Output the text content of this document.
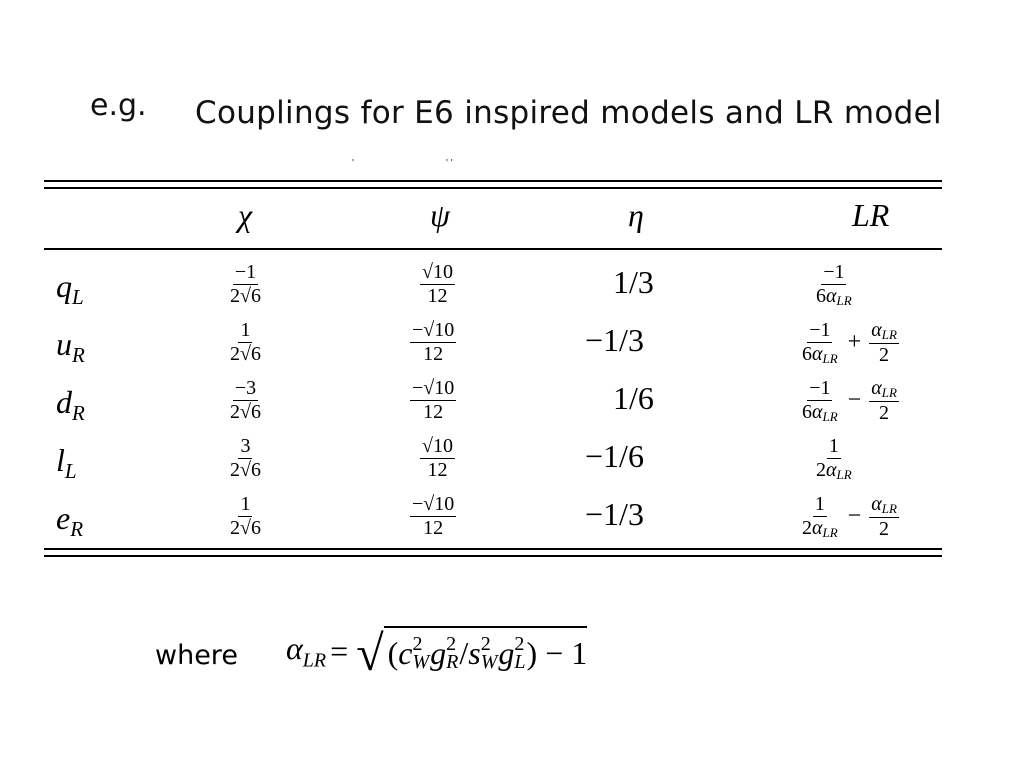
e.g. Couplings for E6 inspired models and LR model
'	' '
χ	ψ	η	LR
$q_L$	$\frac{-1}{2√6}$	$\frac{√10}{12}$	1/3	$\frac{-1}{6\alpha_{LR}}$
$u_R$	$\frac{1}{2√6}$	$\frac{-√10}{12}$	−1/3	$\frac{-1}{6\alpha_{LR}} + \frac{\alpha_{LR}}{2}$
$d_R$	$\frac{-3}{2√6}$	$\frac{-√10}{12}$	1/6	$\frac{-1}{6\alpha_{LR}} - \frac{\alpha_{LR}}{2}$
$l_L$	$\frac{3}{2√6}$	$\frac{√10}{12}$	−1/6	$\frac{1}{2\alpha_{LR}}$
$e_R$	$\frac{1}{2√6}$	$\frac{-√10}{12}$	−1/3	$\frac{1}{2\alpha_{LR}} - \frac{\alpha_{LR}}{2}$
where $\alpha_{LR}$ = √ ( c 2
W g 2
R / s 2
W g 2
L ) − 1
